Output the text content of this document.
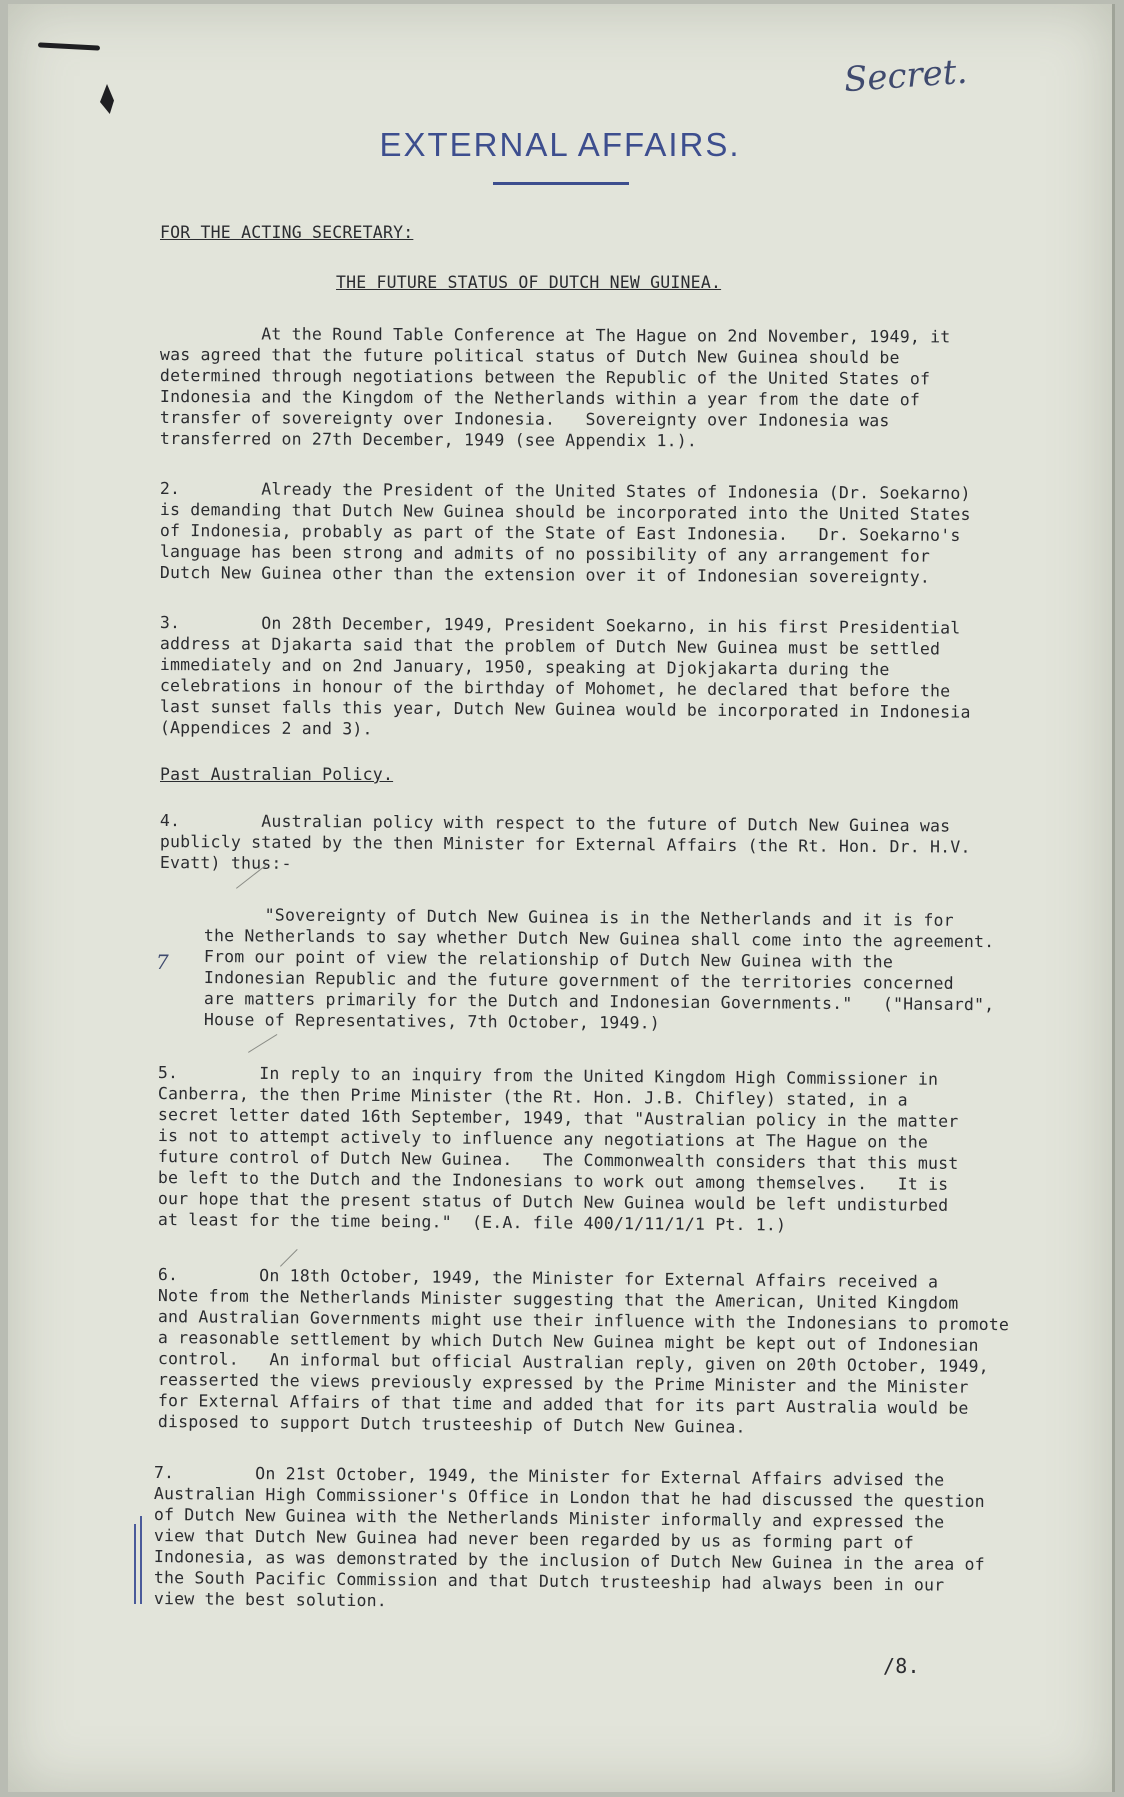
Secret.
EXTERNAL AFFAIRS.
FOR THE ACTING SECRETARY:
THE FUTURE STATUS OF DUTCH NEW GUINEA.
At the Round Table Conference at The Hague on 2nd November, 1949, it
was agreed that the future political status of Dutch New Guinea should be
determined through negotiations between the Republic of the United States of
Indonesia and the Kingdom of the Netherlands within a year from the date of
transfer of sovereignty over Indonesia.   Sovereignty over Indonesia was
transferred on 27th December, 1949 (see Appendix 1.).
2.        Already the President of the United States of Indonesia (Dr. Soekarno)
is demanding that Dutch New Guinea should be incorporated into the United States
of Indonesia, probably as part of the State of East Indonesia.   Dr. Soekarno's
language has been strong and admits of no possibility of any arrangement for
Dutch New Guinea other than the extension over it of Indonesian sovereignty.
3.        On 28th December, 1949, President Soekarno, in his first Presidential
address at Djakarta said that the problem of Dutch New Guinea must be settled
immediately and on 2nd January, 1950, speaking at Djokjakarta during the
celebrations in honour of the birthday of Mohomet, he declared that before the
last sunset falls this year, Dutch New Guinea would be incorporated in Indonesia
(Appendices 2 and 3).
Past Australian Policy.
4.        Australian policy with respect to the future of Dutch New Guinea was
publicly stated by the then Minister for External Affairs (the Rt. Hon. Dr. H.V.
Evatt) thus:-
"Sovereignty of Dutch New Guinea is in the Netherlands and it is for
the Netherlands to say whether Dutch New Guinea shall come into the agreement.
From our point of view the relationship of Dutch New Guinea with the
Indonesian Republic and the future government of the territories concerned
are matters primarily for the Dutch and Indonesian Governments."   ("Hansard",
House of Representatives, 7th October, 1949.)
7
5.        In reply to an inquiry from the United Kingdom High Commissioner in
Canberra, the then Prime Minister (the Rt. Hon. J.B. Chifley) stated, in a
secret letter dated 16th September, 1949, that "Australian policy in the matter
is not to attempt actively to influence any negotiations at The Hague on the
future control of Dutch New Guinea.   The Commonwealth considers that this must
be left to the Dutch and the Indonesians to work out among themselves.   It is
our hope that the present status of Dutch New Guinea would be left undisturbed
at least for the time being."  (E.A. file 400/1/11/1/1 Pt. 1.)
6.        On 18th October, 1949, the Minister for External Affairs received a
Note from the Netherlands Minister suggesting that the American, United Kingdom
and Australian Governments might use their influence with the Indonesians to promote
a reasonable settlement by which Dutch New Guinea might be kept out of Indonesian
control.   An informal but official Australian reply, given on 20th October, 1949,
reasserted the views previously expressed by the Prime Minister and the Minister
for External Affairs of that time and added that for its part Australia would be
disposed to support Dutch trusteeship of Dutch New Guinea.
7.        On 21st October, 1949, the Minister for External Affairs advised the
Australian High Commissioner's Office in London that he had discussed the question
of Dutch New Guinea with the Netherlands Minister informally and expressed the
view that Dutch New Guinea had never been regarded by us as forming part of
Indonesia, as was demonstrated by the inclusion of Dutch New Guinea in the area of
the South Pacific Commission and that Dutch trusteeship had always been in our
view the best solution.
/8.
